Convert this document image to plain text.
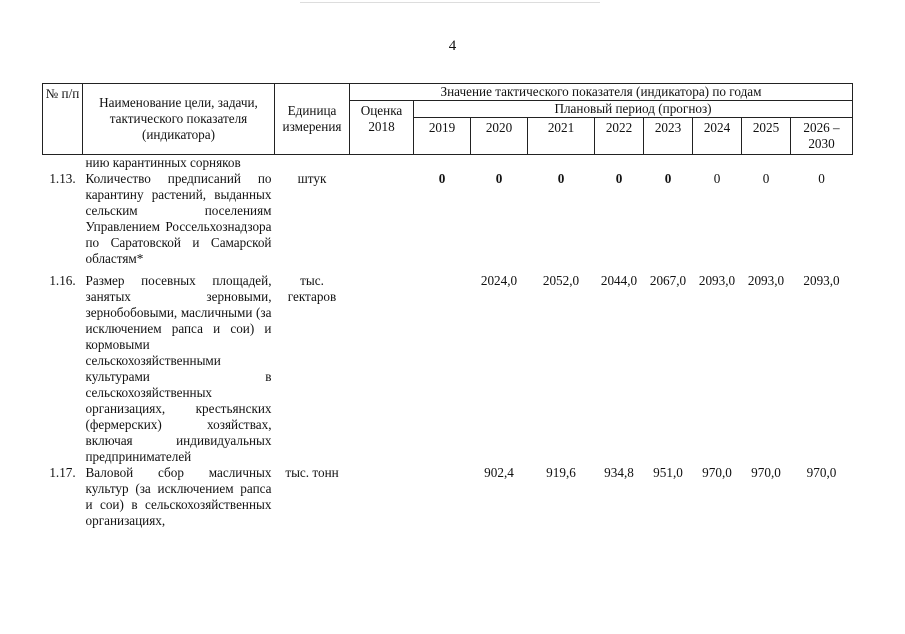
4
№ п/п	Наименование цели, задачи, тактического показателя (индикатора)	Единица измерения	Значение тактического показателя (индикатора) по годам								
			Оценка 2018	Плановый период (прогноз)							
				2019	2020	2021	2022	2023	2024	2025	2026 – 2030
	нию карантинных сорняков										
1.13.	Количество предписаний по карантину растений, выданных сельским поселениям Управлением Россельхознадзора по Саратовской и Самарской областям*	штук		0	0	0	0	0	0	0	0
1.16.	Размер посевных площадей, занятых зерновыми, зернобобовыми, масличными (за исключением рапса и сои) и кормовыми сельскохозяйственными культурами в сельскохозяйственных организациях, крестьянских (фермерских) хозяйствах, включая индивидуальных предпринимателей	тыс. гектаров			2024,0	2052,0	2044,0	2067,0	2093,0	2093,0	2093,0
1.17.	Валовой сбор масличных культур (за исключением рапса и сои) в сельскохозяйственных организациях,	тыс. тонн			902,4	919,6	934,8	951,0	970,0	970,0	970,0
